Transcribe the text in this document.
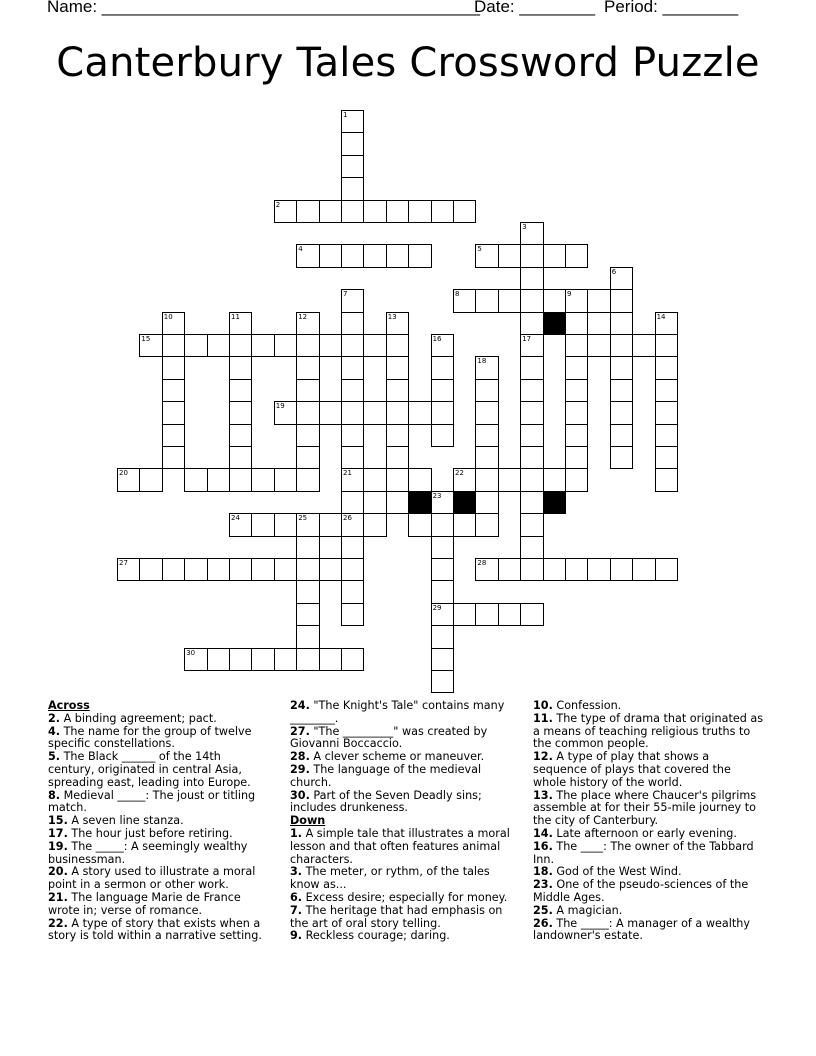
Name: ________________________________________
Date: ________ Period: ________
Canterbury Tales Crossword Puzzle
1
2
3
17
4	5
6
7
21
8	9
10	11	12	13	14
15	16
18
19
20	22
23
29
24	25	26
27	28
30
Across
2. A binding agreement; pact.
4. The name for the group of twelve specific constellations.
5. The Black ______ of the 14th century, originated in central Asia, spreading east, leading into Europe.
8. Medieval _____: The joust or titling match.
15. A seven line stanza.
17. The hour just before retiring.
19. The _____: A seemingly wealthy businessman.
20. A story used to illustrate a moral point in a sermon or other work.
21. The language Marie de France wrote in; verse of romance.
22. A type of story that exists when a story is told within a narrative setting.
24. "The Knight's Tale" contains many ________.
27. "The _________" was created by Giovanni Boccaccio.
28. A clever scheme or maneuver.
29. The language of the medieval church.
30. Part of the Seven Deadly sins; includes drunkeness.
Down
1. A simple tale that illustrates a moral lesson and that often features animal characters.
3. The meter, or rythm, of the tales know as...
6. Excess desire; especially for money.
7. The heritage that had emphasis on the art of oral story telling.
9. Reckless courage; daring.
10. Confession.
11. The type of drama that originated as a means of teaching religious truths to the common people.
12. A type of play that shows a sequence of plays that covered the whole history of the world.
13. The place where Chaucer's pilgrims assemble at for their 55-mile journey to the city of Canterbury.
14. Late afternoon or early evening.
16. The ____: The owner of the Tabbard Inn.
18. God of the West Wind.
23. One of the pseudo-sciences of the Middle Ages.
25. A magician.
26. The _____: A manager of a wealthy landowner's estate.
